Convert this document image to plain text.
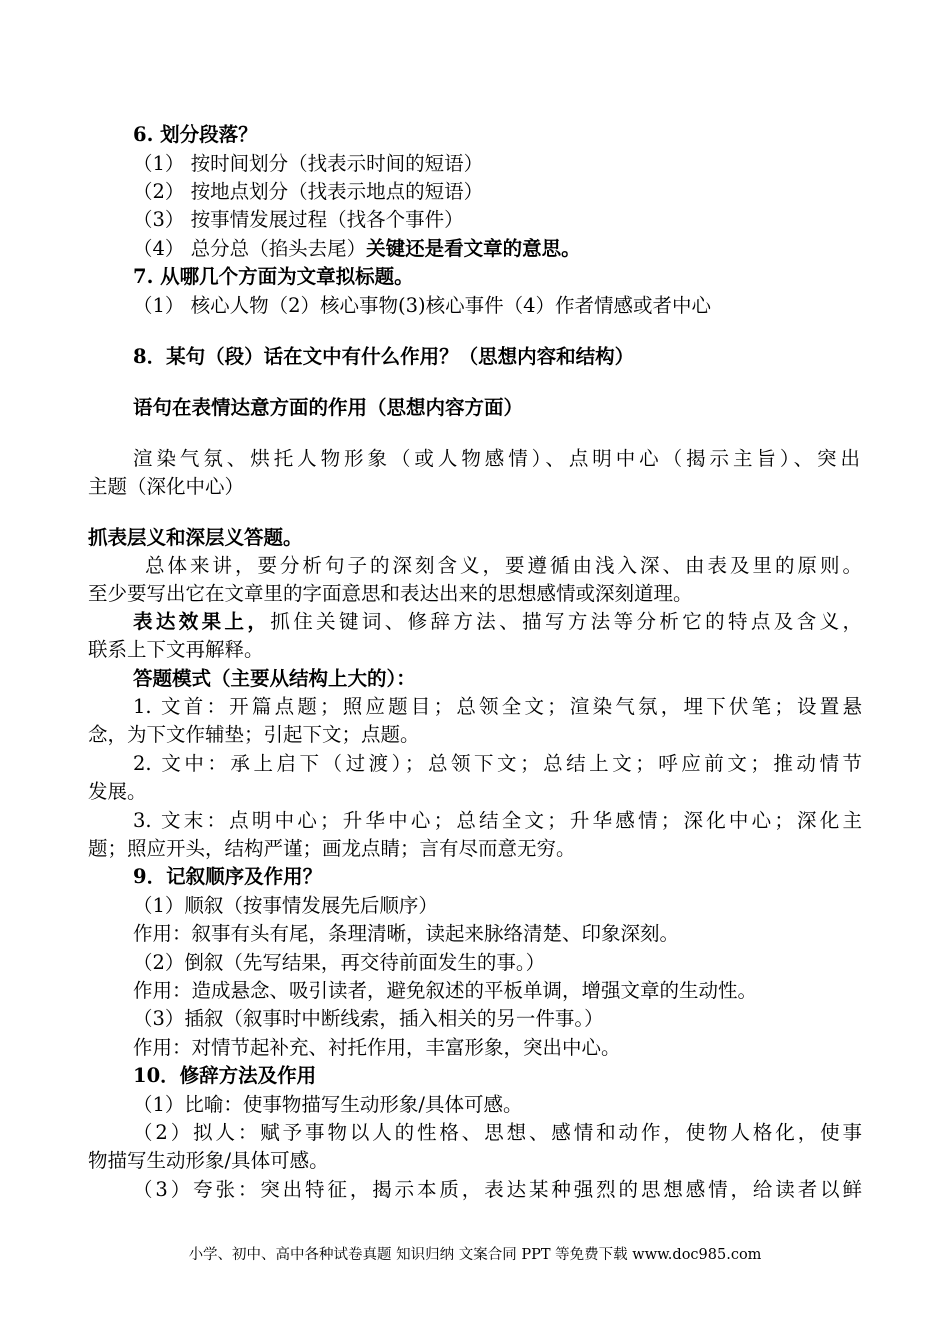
6. 划分段落？
（1） 按时间划分（找表示时间的短语）
（2） 按地点划分（找表示地点的短语）
（3） 按事情发展过程（找各个事件）
（4） 总分总（掐头去尾）关键还是看文章的意思。
7. 从哪几个方面为文章拟标题。
（1） 核心人物（2）核心事物(3)核心事件（4）作者情感或者中心
8．某句（段）话在文中有什么作用？（思想内容和结构）
语句在表情达意方面的作用（思想内容方面）
渲染气氛、烘托人物形象（或人物感情）、点明中心（揭示主旨）、突出
主题（深化中心）
抓表层义和深层义答题。
总体来讲，要分析句子的深刻含义，要遵循由浅入深、由表及里的原则。
至少要写出它在文章里的字面意思和表达出来的思想感情或深刻道理。
表达效果上，抓住关键词、修辞方法、描写方法等分析它的特点及含义，
联系上下文再解释。
答题模式（主要从结构上大的）：
1. 文首：开篇点题；照应题目；总领全文；渲染气氛，埋下伏笔；设置悬
念，为下文作辅垫；引起下文；点题。
2. 文中：承上启下（过渡）；总领下文；总结上文；呼应前文；推动情节
发展。
3. 文末：点明中心；升华中心；总结全文；升华感情；深化中心；深化主
题；照应开头，结构严谨；画龙点睛；言有尽而意无穷。
9．记叙顺序及作用？
（1）顺叙（按事情发展先后顺序）
作用：叙事有头有尾，条理清晰，读起来脉络清楚、印象深刻。
（2）倒叙（先写结果，再交待前面发生的事。）
作用：造成悬念、吸引读者，避免叙述的平板单调，增强文章的生动性。
（3）插叙（叙事时中断线索，插入相关的另一件事。）
作用：对情节起补充、衬托作用，丰富形象，突出中心。
10．修辞方法及作用
（1）比喻：使事物描写生动形象/具体可感。
（2）拟人：赋予事物以人的性格、思想、感情和动作，使物人格化，使事
物描写生动形象/具体可感。
（3）夸张：突出特征，揭示本质，表达某种强烈的思想感情，给读者以鲜
小学、初中、高中各种试卷真题 知识归纳 文案合同 PPT 等免费下载 www.doc985.com
